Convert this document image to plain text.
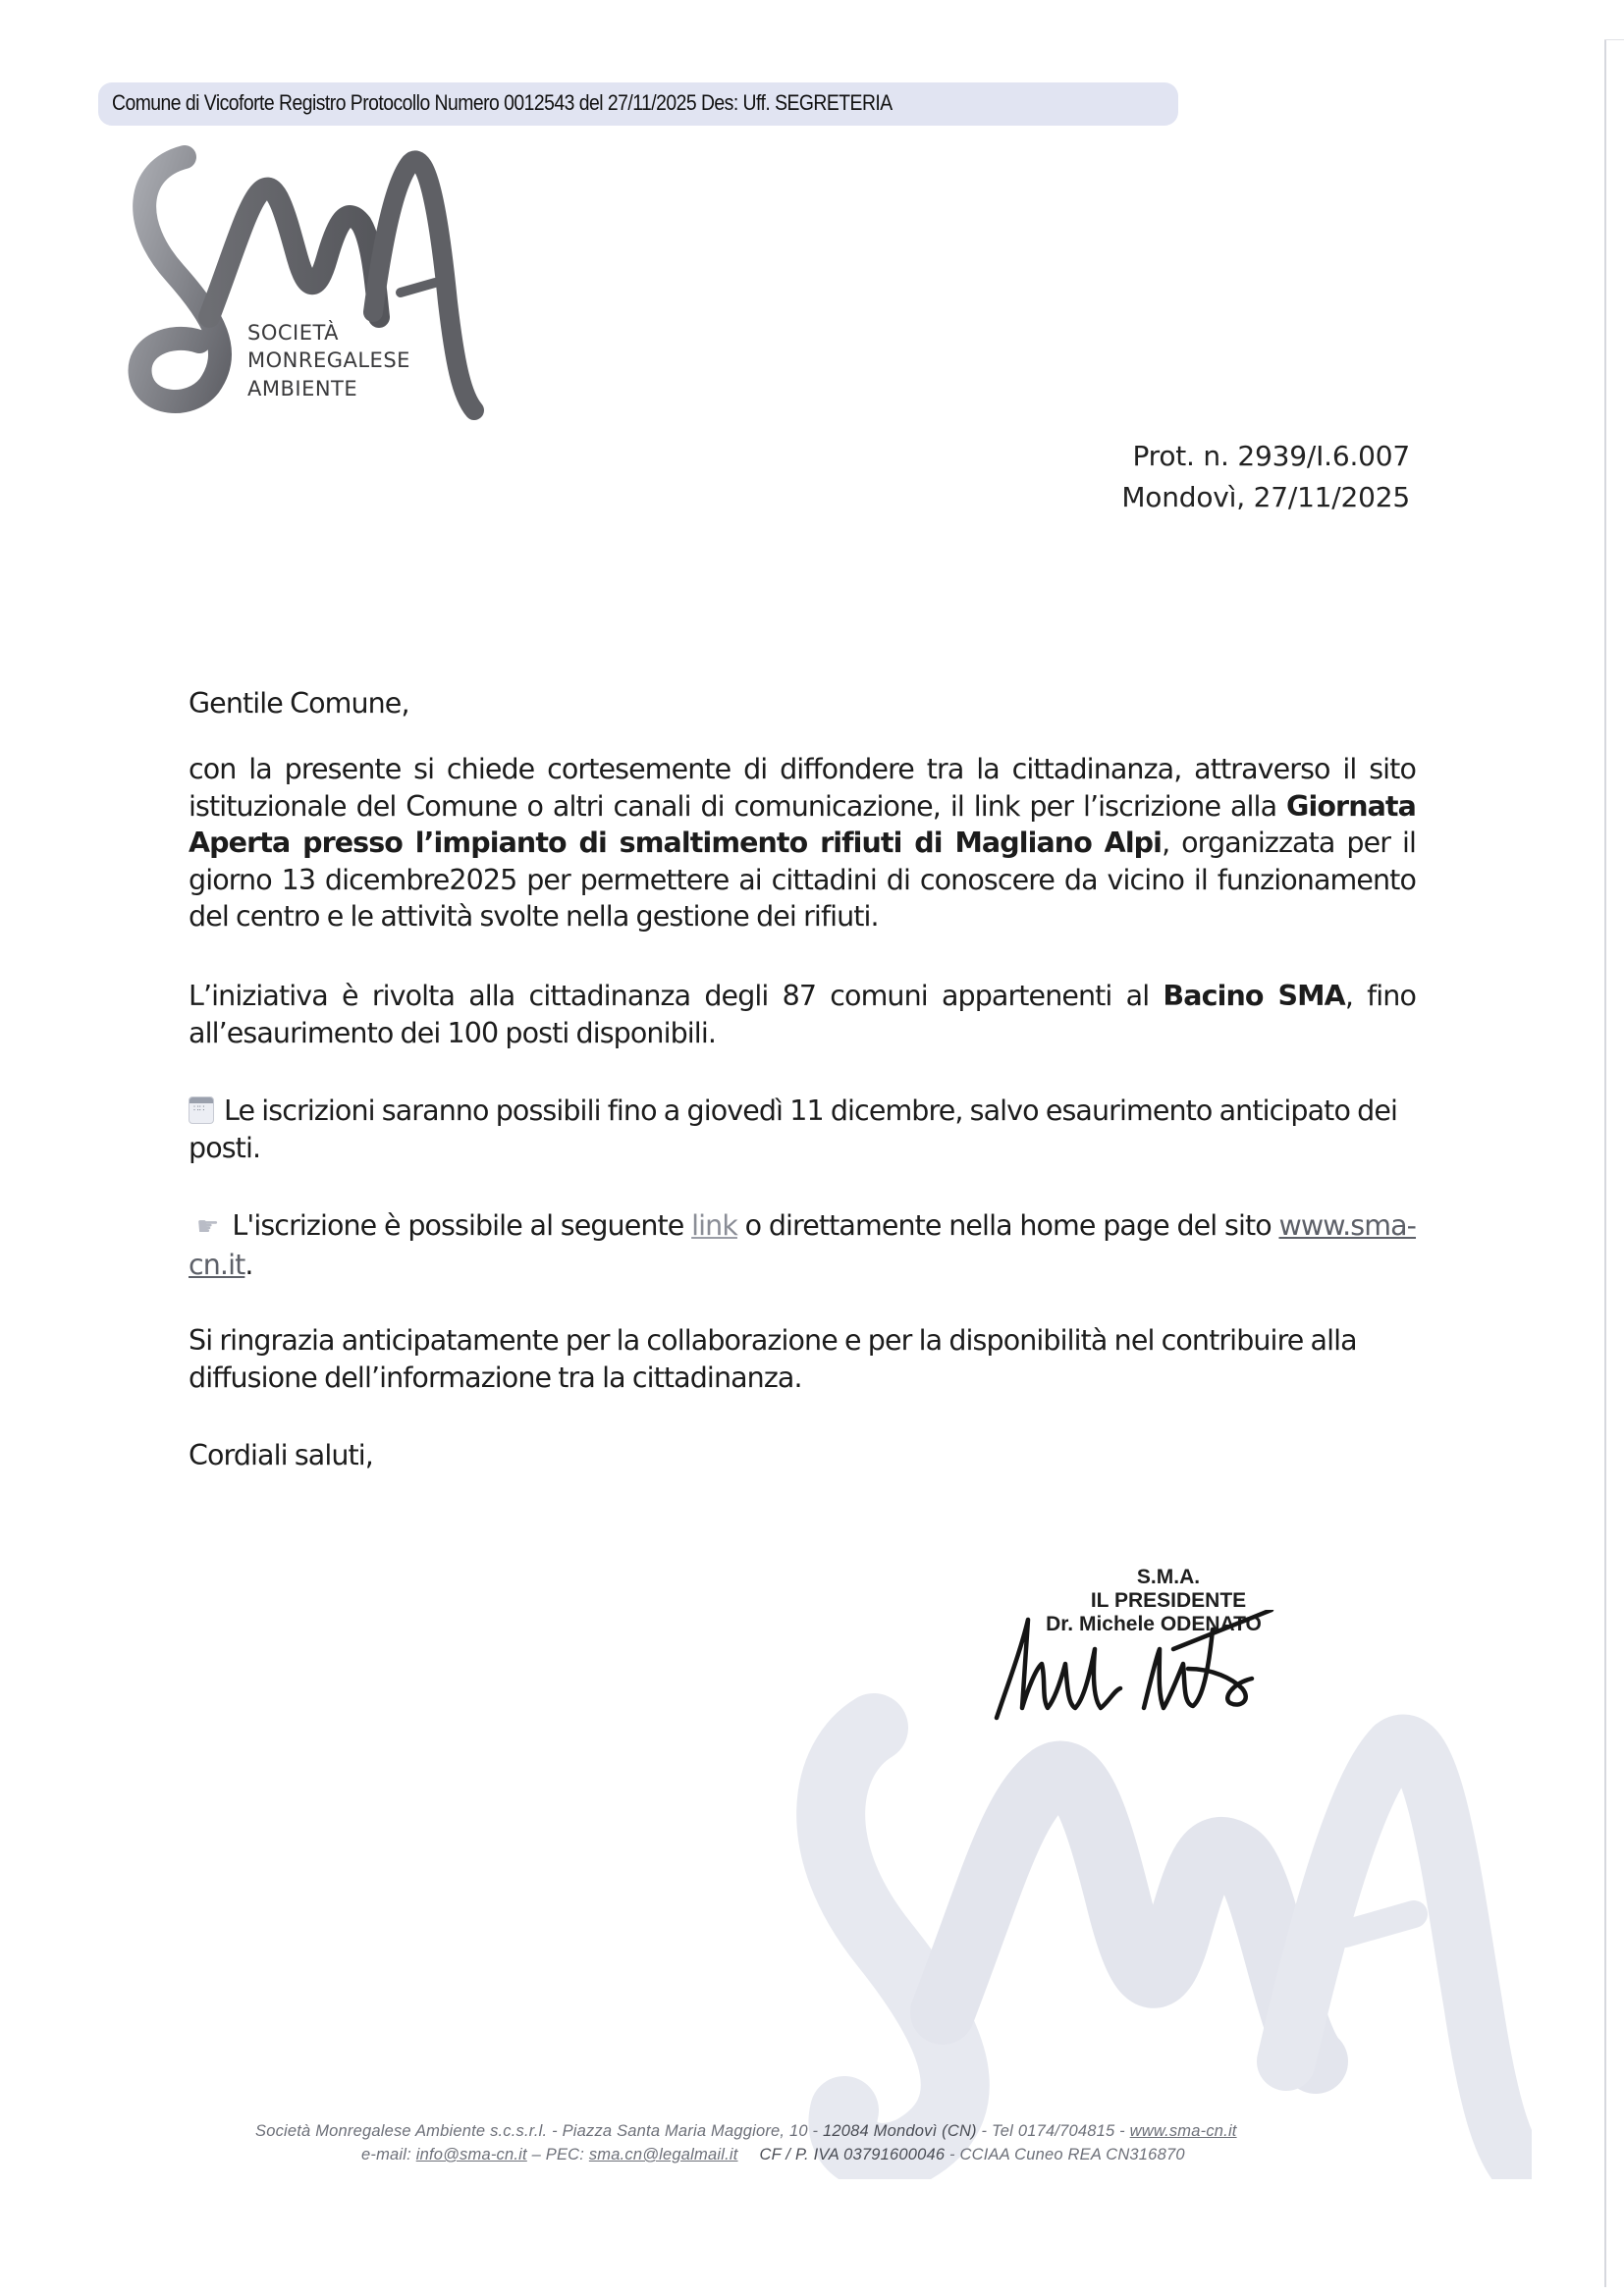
Comune di Vicoforte Registro Protocollo Numero 0012543 del 27/11/2025 Des: Uff. SEGRETERIA
SOCIETÀ
MONREGALESE
AMBIENTE
Prot. n. 2939/I.6.007
Mondovì, 27/11/2025
Gentile Comune,
con la presente si chiede cortesemente di diffondere tra la cittadinanza, attraverso il sito istituzionale del Comune o altri canali di comunicazione, il link per l’iscrizione alla Giornata Aperta presso l’impianto di smaltimento rifiuti di Magliano Alpi, organizzata per il giorno 13 dicembre2025 per permettere ai cittadini di conoscere da vicino il funzionamento del centro e le attività svolte nella gestione dei rifiuti.
L’iniziativa è rivolta alla cittadinanza degli 87 comuni appartenenti al Bacino SMA, fino all’esaurimento dei 100 posti disponibili.
∷∷Le iscrizioni saranno possibili fino a giovedì 11 dicembre, salvo esaurimento anticipato dei posti.
☛ L'iscrizione è possibile al seguente link o direttamente nella home page del sito www.sma-cn.it.
Si ringrazia anticipatamente per la collaborazione e per la disponibilità nel contribuire alla diffusione dell’informazione tra la cittadinanza.
Cordiali saluti,
S.M.A.
IL PRESIDENTE
Dr. Michele ODENATO
Società Monregalese Ambiente s.c.s.r.l. - Piazza Santa Maria Maggiore, 10 - 12084 Mondovì (CN) - Tel 0174/704815 - www.sma-cn.it
e-mail: info@sma-cn.it – PEC: sma.cn@legalmail.it CF / P. IVA 03791600046 - CCIAA Cuneo REA CN316870
